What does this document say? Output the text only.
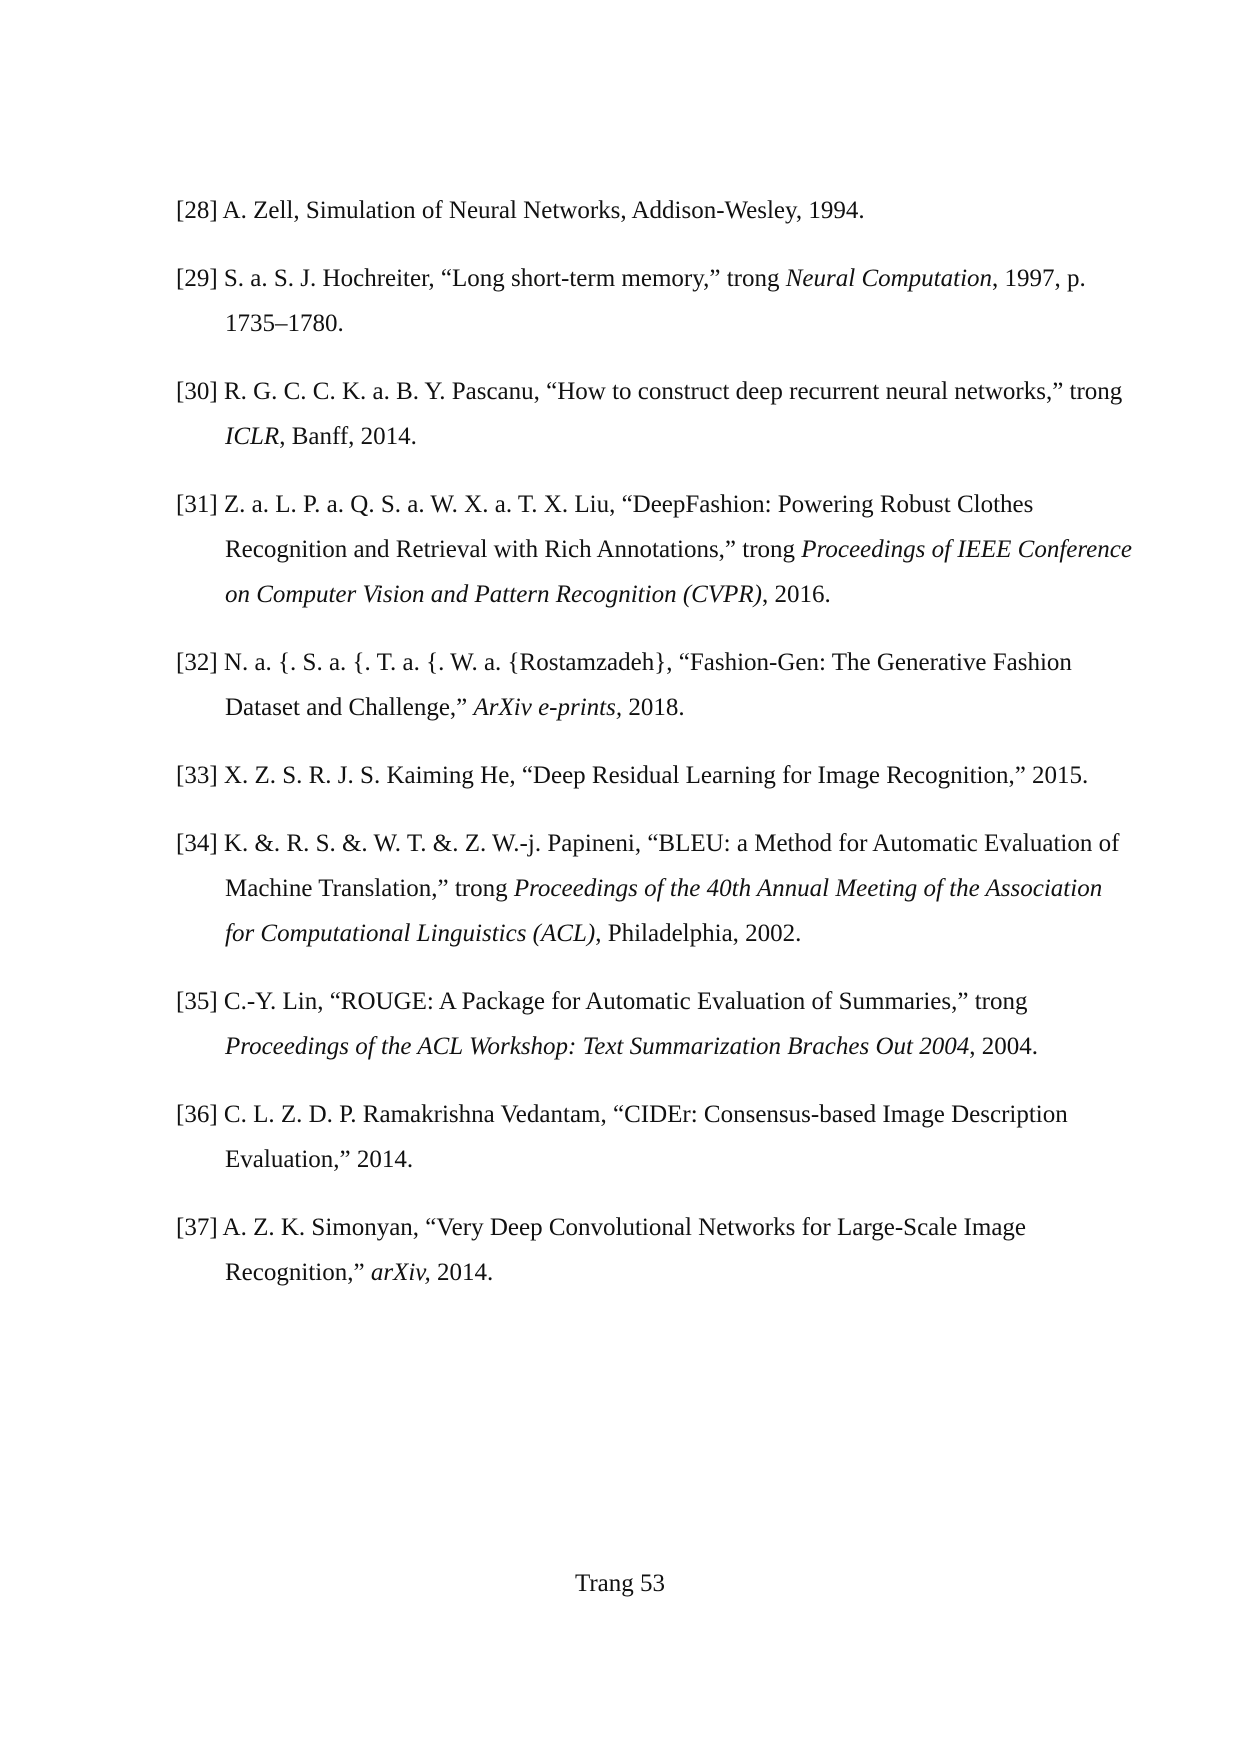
[28] A. Zell, Simulation of Neural Networks, Addison-Wesley, 1994.
[29] S. a. S. J. Hochreiter, “Long short-term memory,” trong Neural Computation, 1997, p. 1735–1780.
[30] R. G. C. C. K. a. B. Y. Pascanu, “How to construct deep recurrent neural networks,” trong ICLR, Banff, 2014.
[31] Z. a. L. P. a. Q. S. a. W. X. a. T. X. Liu, “DeepFashion: Powering Robust Clothes Recognition and Retrieval with Rich Annotations,” trong Proceedings of IEEE Conference on Computer Vision and Pattern Recognition (CVPR), 2016.
[32] N. a. {. S. a. {. T. a. {. W. a. {Rostamzadeh}, “Fashion-Gen: The Generative Fashion Dataset and Challenge,” ArXiv e-prints, 2018.
[33] X. Z. S. R. J. S. Kaiming He, “Deep Residual Learning for Image Recognition,” 2015.
[34] K. &. R. S. &. W. T. &. Z. W.-j. Papineni, “BLEU: a Method for Automatic Evaluation of Machine Translation,” trong Proceedings of the 40th Annual Meeting of the Association for Computational Linguistics (ACL), Philadelphia, 2002.
[35] C.-Y. Lin, “ROUGE: A Package for Automatic Evaluation of Summaries,” trong Proceedings of the ACL Workshop: Text Summarization Braches Out 2004, 2004.
[36] C. L. Z. D. P. Ramakrishna Vedantam, “CIDEr: Consensus-based Image Description Evaluation,” 2014.
[37] A. Z. K. Simonyan, “Very Deep Convolutional Networks for Large-Scale Image Recognition,” arXiv, 2014.
Trang 53
